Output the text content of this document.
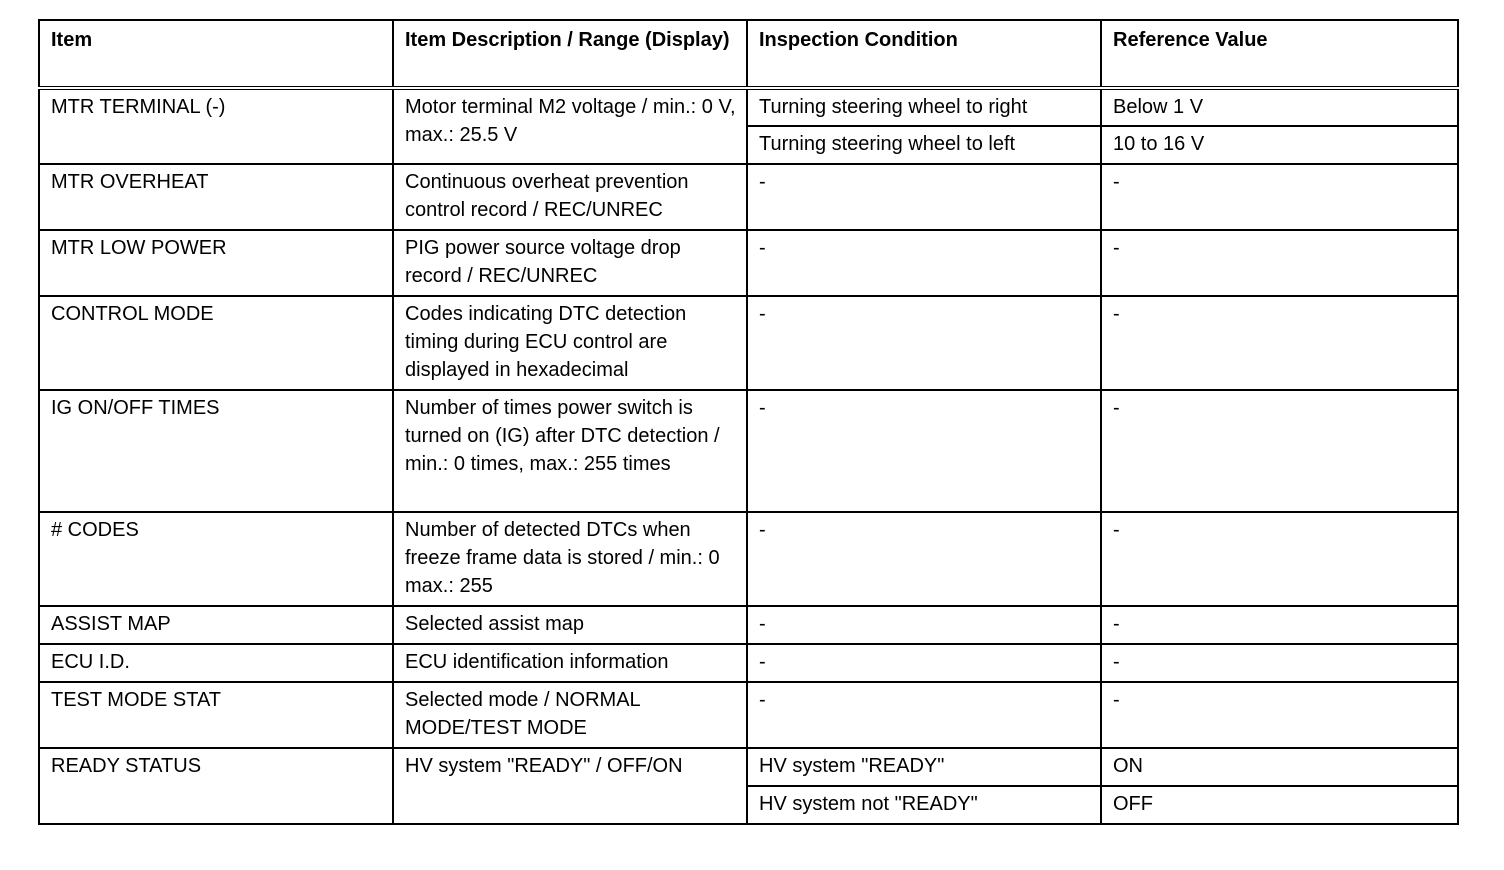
Item	Item Description / Range (Display)	Inspection Condition	Reference Value
MTR TERMINAL (-)	Motor terminal M2 voltage / min.: 0 V, max.: 25.5 V	Turning steering wheel to right	Below 1 V
		Turning steering wheel to left	10 to 16 V
MTR OVERHEAT	Continuous overheat prevention control record / REC/UNREC	-	-
MTR LOW POWER	PIG power source voltage drop record / REC/UNREC	-	-
CONTROL MODE	Codes indicating DTC detection timing during ECU control are displayed in hexadecimal	-	-
IG ON/OFF TIMES	Number of times power switch is turned on (IG) after DTC detection / min.: 0 times, max.: 255 times	-	-
# CODES	Number of detected DTCs when freeze frame data is stored / min.: 0 max.: 255	-	-
ASSIST MAP	Selected assist map	-	-
ECU I.D.	ECU identification information	-	-
TEST MODE STAT	Selected mode / NORMAL MODE/TEST MODE	-	-
READY STATUS	HV system "READY" / OFF/ON	HV system "READY"	ON
		HV system not "READY"	OFF
